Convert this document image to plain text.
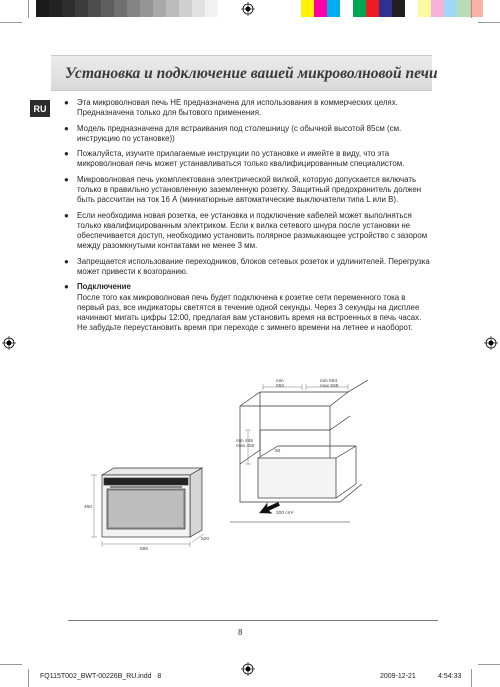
Установка и подключение вашей микроволновой печи
RU
● Эта микроволновая печь НЕ предназначена для использования в коммерческих целях. Предназначена только для бытового применения.
● Модель предназначена для встраивания под столешницу (с обычной высотой 85см (см. инструкцию по установке))
● Пожалуйста, изучите прилагаемые инструкции по установке и имейте в виду, что эта микроволновая печь может устанавливаться только квалифицированным специалистом.
● Микроволновая печь укомплектована электрической вилкой, которую допускается включать только в правильно установленную заземленную розетку. Защитный предохранитель должен быть рассчитан на ток 16 А (миниатюрные автоматические выключатели типа L или B).
● Если необходима новая розетка, ее установка и подключение кабелей может выполняться только квалифицированным электриком. Если к вилка сетевого шнура после установки не обеспечивается доступ, необходимо установить полярное размыкающее устройство с зазором между разомкнутыми контактами не менее 3 мм.
● Запрещается использование переходников, блоков сетевых розеток и удлинителей. Перегрузка может привести к возгоранию.
● Подключение
После того как микроволновая печь будет подключена к розетке сети переменного тока в первый раз, все индикаторы светятся в течение одной секунды. Через 3 секунды на дисплее начинают мигать цифры 12:00, предлагая вам установить время на встроенных в печь часах. Не забудьте переустановить время при переходе с зимнего времени на летнее и наоборот.
min
550
min 564
max 568
min 446
max 450
50
200 cm²
460
595
520
8
FQ115T002_BWT-00226B_RU.indd   8	2009-12-21	4:54:33
